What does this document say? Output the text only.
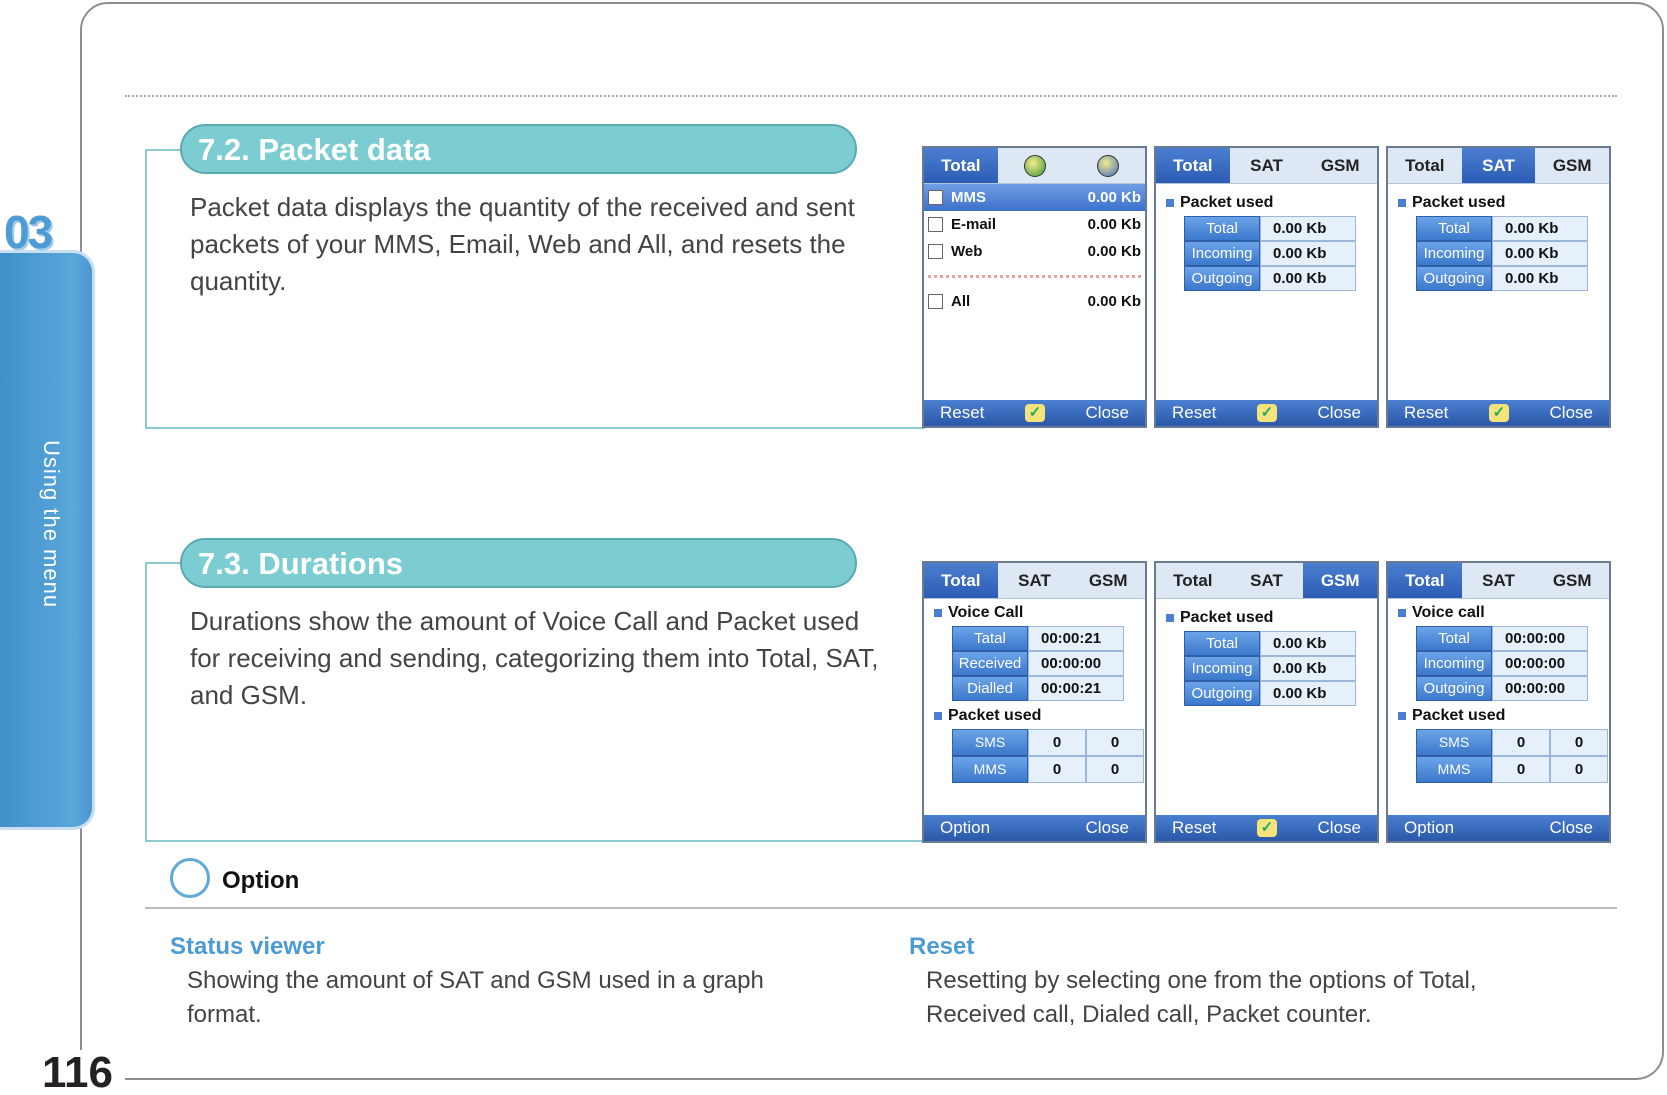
03
Using the menu
7.2. Packet data
Packet data displays the quantity of the received and sent
packets of your MMS, Email, Web and All, and resets the
quantity.
Total
MMS	0.00 Kb
E-mail	0.00 Kb
Web	0.00 Kb
All	0.00 Kb
Reset	✓	Close
Total	SAT	GSM
Packet used
Total	0.00 Kb
Incoming	0.00 Kb
Outgoing	0.00 Kb
Reset	✓	Close
Total	SAT	GSM
Packet used
Total	0.00 Kb
Incoming	0.00 Kb
Outgoing	0.00 Kb
Reset	✓	Close
7.3. Durations
Durations show the amount of Voice Call and Packet used
for receiving and sending, categorizing them into Total, SAT,
and GSM.
Total	SAT	GSM
Voice Call
Tatal	00:00:21
Received	00:00:00
Dialled	00:00:21
Packet used
SMS	0	0
MMS	0	0
Option	Close
Total	SAT	GSM
Packet used
Total	0.00 Kb
Incoming	0.00 Kb
Outgoing	0.00 Kb
Reset	✓	Close
Total	SAT	GSM
Voice call
Total	00:00:00
Incoming	00:00:00
Outgoing	00:00:00
Packet used
SMS	0	0
MMS	0	0
Option	Close
Option
Status viewer
Showing the amount of SAT and GSM used in a graph
format.
Reset
Resetting by selecting one from the options of Total,
Received call, Dialed call, Packet counter.
116
